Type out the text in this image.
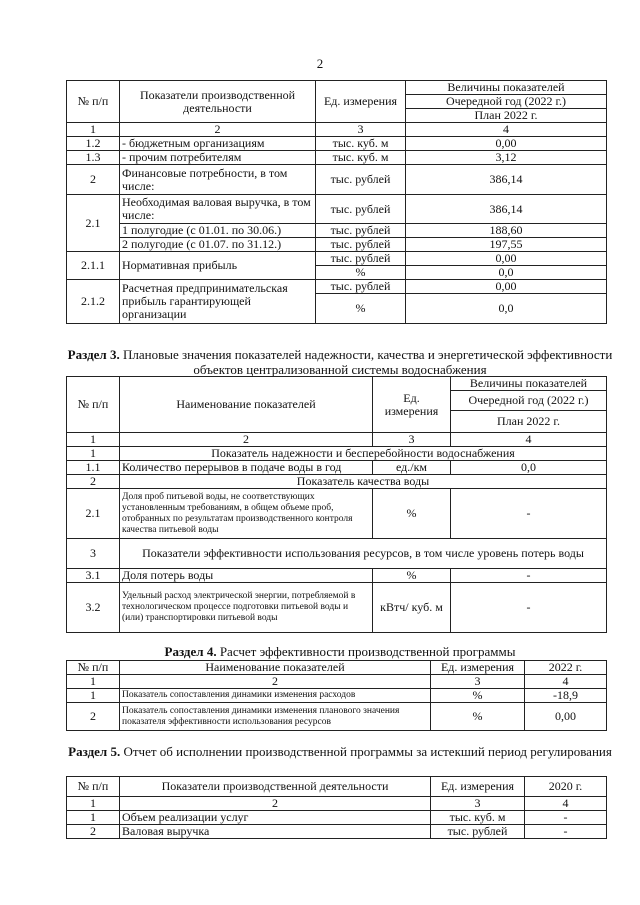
2
№ п/п	Показатели производственной деятельности	Ед. измерения	Величины показателей
			Очередной год (2022 г.)
			План 2022 г.
1	2	3	4
1.2	- бюджетным организациям	тыс. куб. м	0,00
1.3	- прочим потребителям	тыс. куб. м	3,12
2	Финансовые потребности, в том числе:	тыс. рублей	386,14
2.1	Необходимая валовая выручка, в том числе:	тыс. рублей	386,14
	1 полугодие (с 01.01. по 30.06.)	тыс. рублей	188,60
	2 полугодие (с 01.07. по 31.12.)	тыс. рублей	197,55
2.1.1	Нормативная прибыль	тыс. рублей	0,00
		%	0,0
2.1.2	Расчетная предпринимательская прибыль гарантирующей организации	тыс. рублей	0,00
		%	0,0
Раздел 3. Плановые значения показателей надежности, качества и энергетической эффективности объектов централизованной системы водоснабжения
№ п/п	Наименование показателей	Ед. измерения	Величины показателей
			Очередной год (2022 г.)
			План 2022 г.
1	2	3	4
1	Показатель надежности и бесперебойности водоснабжения		
1.1	Количество перерывов в подаче воды в год	ед./км	0,0
2	Показатель качества воды		
2.1	Доля проб питьевой воды, не соответствующих установленным требованиям, в общем объеме проб, отобранных по результатам производственного контроля качества питьевой воды	%	-
3	Показатели эффективности использования ресурсов, в том числе уровень потерь воды		
3.1	Доля потерь воды	%	-
3.2	Удельный расход электрической энергии, потребляемой в технологическом процессе подготовки питьевой воды и (или) транспортировки питьевой воды	кВтч/ куб. м	-
Раздел 4. Расчет эффективности производственной программы
№ п/п	Наименование показателей	Ед. измерения	2022 г.
1	2	3	4
1	Показатель сопоставления динамики изменения расходов	%	-18,9
2	Показатель сопоставления динамики изменения планового значения показателя эффективности использования ресурсов	%	0,00
Раздел 5. Отчет об исполнении производственной программы за истекший период регулирования
№ п/п	Показатели производственной деятельности	Ед. измерения	2020 г.
1	2	3	4
1	Объем реализации услуг	тыс. куб. м	-
2	Валовая выручка	тыс. рублей	-
